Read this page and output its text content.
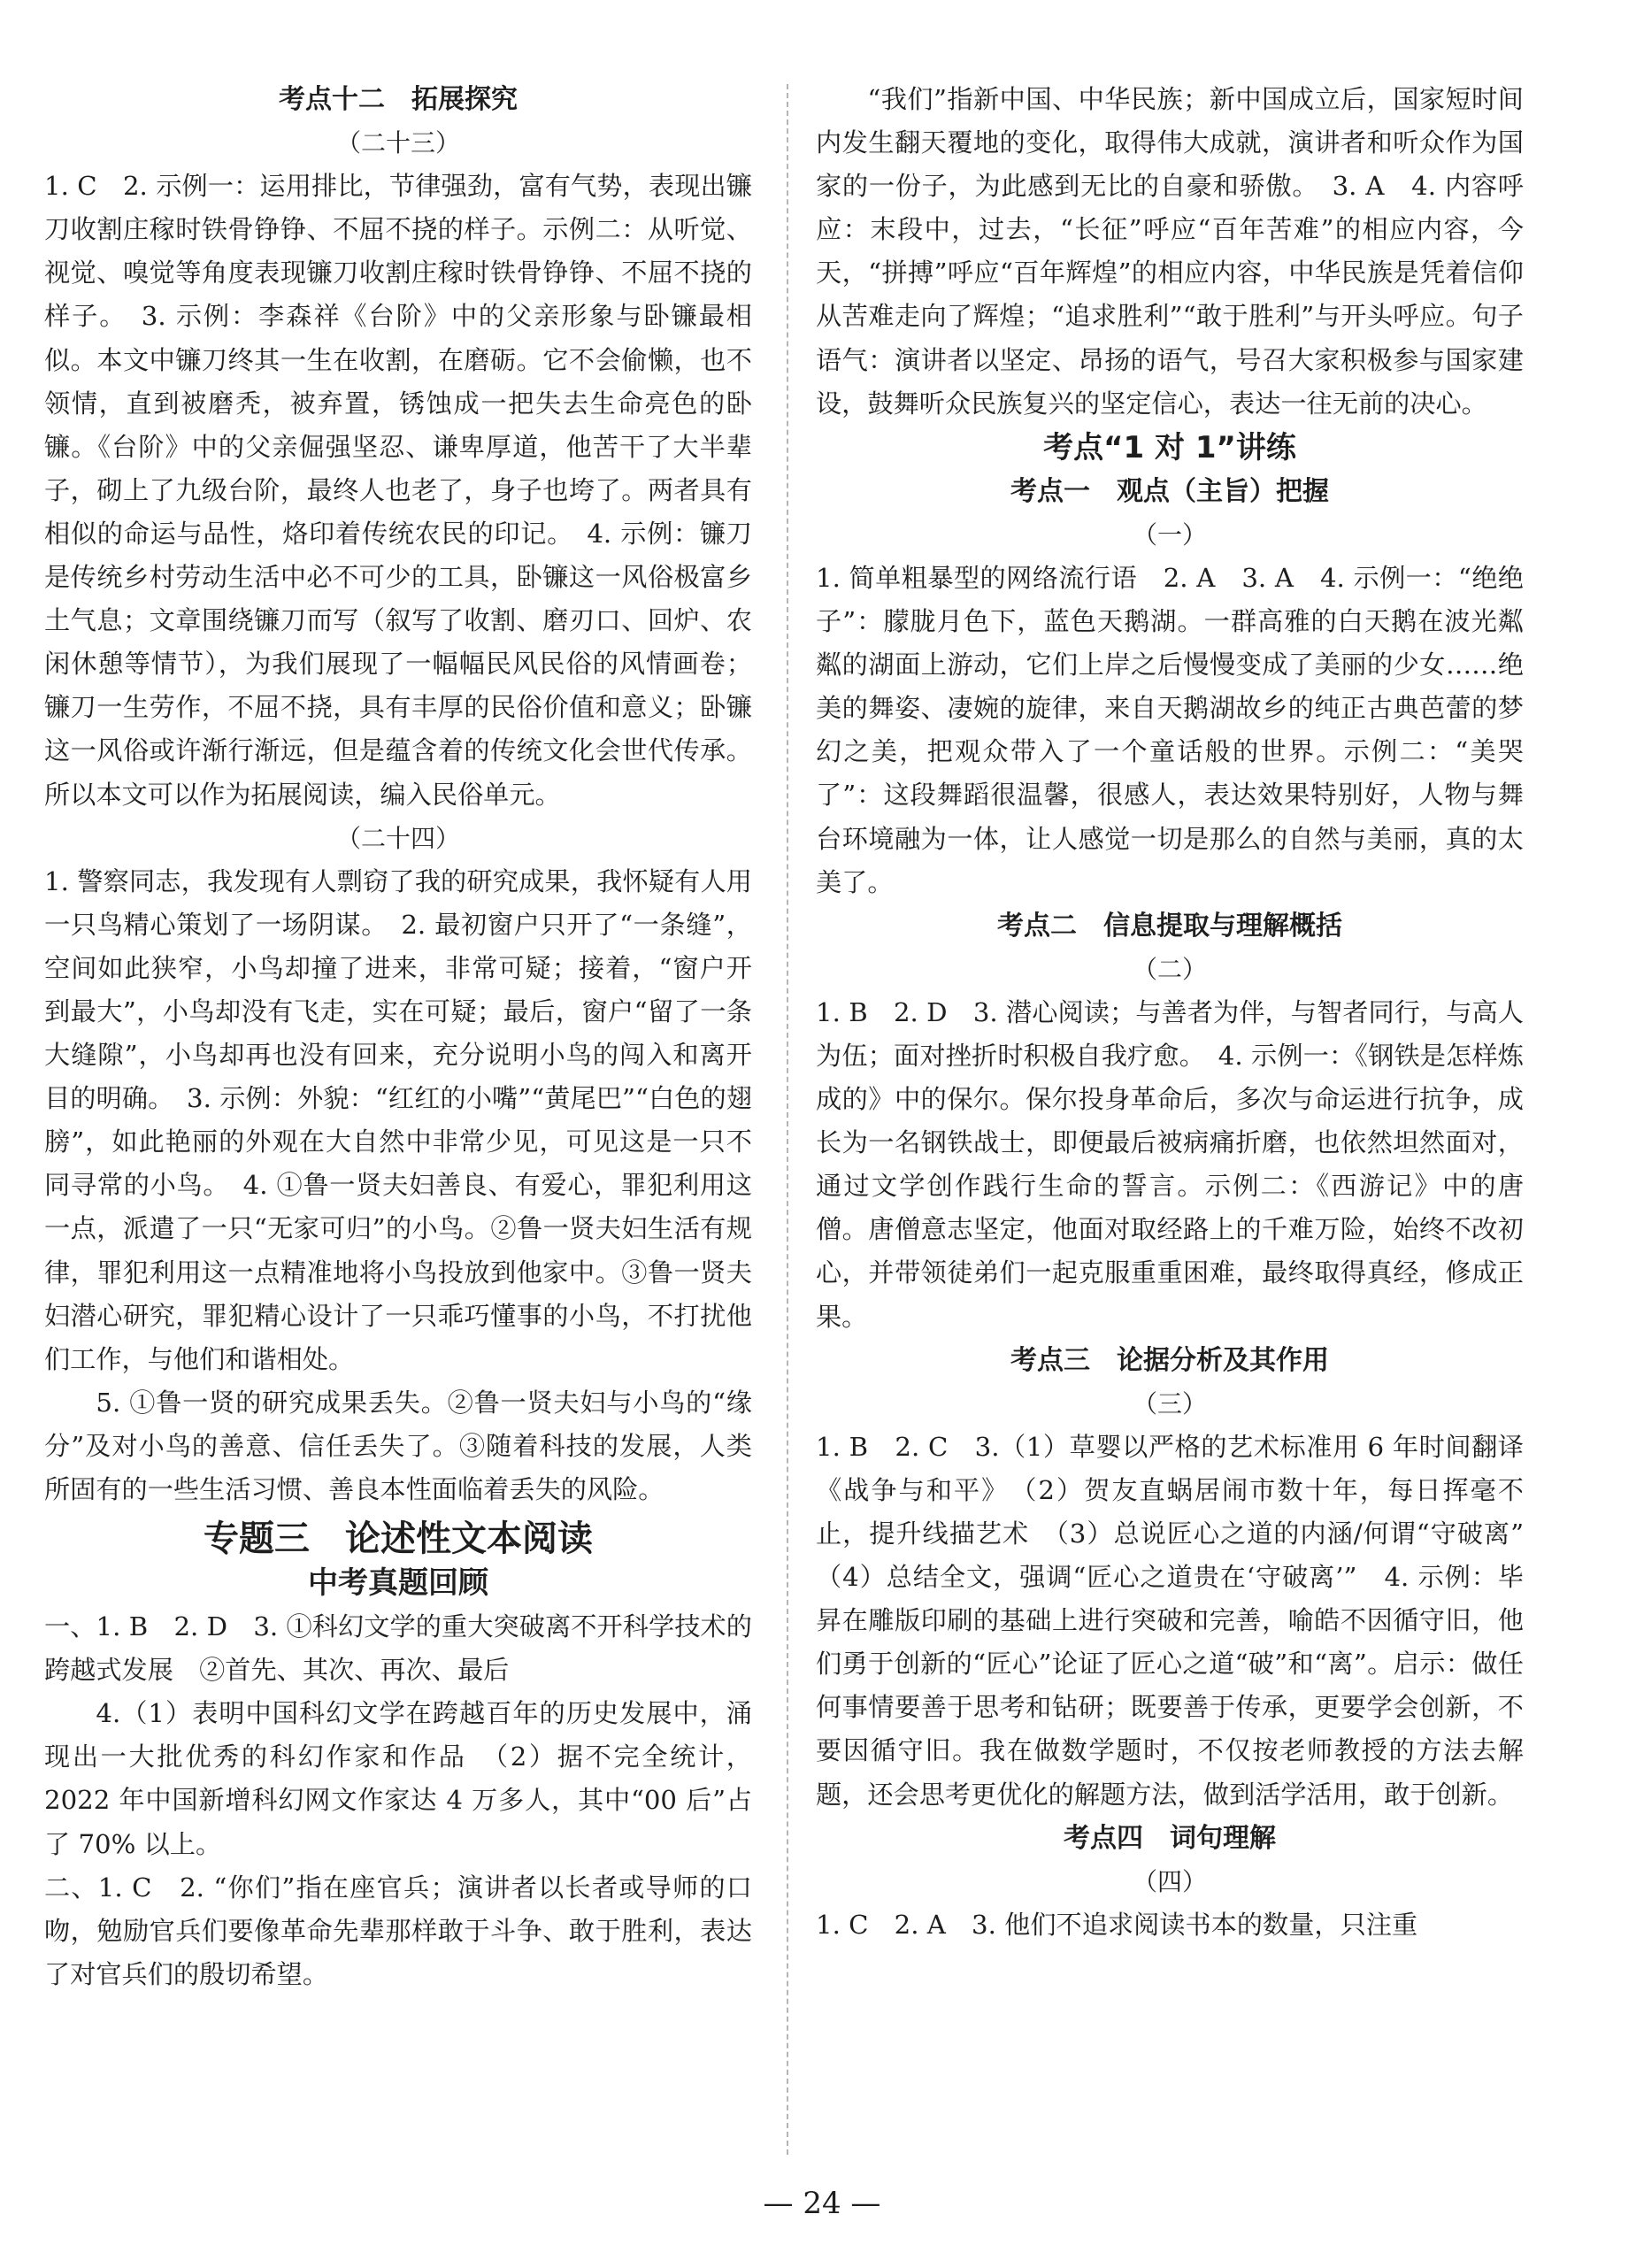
考点十二　拓展探究

（二十三）

1. C　2. 示例一：运用排比，节律强劲，富有气势，表现出镰刀收割庄稼时铁骨铮铮、不屈不挠的样子。示例二：从听觉、视觉、嗅觉等角度表现镰刀收割庄稼时铁骨铮铮、不屈不挠的样子。　3. 示例：李森祥《台阶》中的父亲形象与卧镰最相似。本文中镰刀终其一生在收割，在磨砺。它不会偷懒，也不领情，直到被磨秃，被弃置，锈蚀成一把失去生命亮色的卧镰。《台阶》中的父亲倔强坚忍、谦卑厚道，他苦干了大半辈子，砌上了九级台阶，最终人也老了，身子也垮了。两者具有相似的命运与品性，烙印着传统农民的印记。　4. 示例：镰刀是传统乡村劳动生活中必不可少的工具，卧镰这一风俗极富乡土气息；文章围绕镰刀而写（叙写了收割、磨刃口、回炉、农闲休憩等情节），为我们展现了一幅幅民风民俗的风情画卷；镰刀一生劳作，不屈不挠，具有丰厚的民俗价值和意义；卧镰这一风俗或许渐行渐远，但是蕴含着的传统文化会世代传承。所以本文可以作为拓展阅读，编入民俗单元。

（二十四）

1. 警察同志，我发现有人剽窃了我的研究成果，我怀疑有人用一只鸟精心策划了一场阴谋。　2. 最初窗户只开了“一条缝”，空间如此狭窄，小鸟却撞了进来，非常可疑；接着，“窗户开到最大”，小鸟却没有飞走，实在可疑；最后，窗户“留了一条大缝隙”，小鸟却再也没有回来，充分说明小鸟的闯入和离开目的明确。　3. 示例：外貌：“红红的小嘴”“黄尾巴”“白色的翅膀”，如此艳丽的外观在大自然中非常少见，可见这是一只不同寻常的小鸟。　4. ①鲁一贤夫妇善良、有爱心，罪犯利用这一点，派遣了一只“无家可归”的小鸟。②鲁一贤夫妇生活有规律，罪犯利用这一点精准地将小鸟投放到他家中。③鲁一贤夫妇潜心研究，罪犯精心设计了一只乖巧懂事的小鸟，不打扰他们工作，与他们和谐相处。

5. ①鲁一贤的研究成果丢失。②鲁一贤夫妇与小鸟的“缘分”及对小鸟的善意、信任丢失了。③随着科技的发展，人类所固有的一些生活习惯、善良本性面临着丢失的风险。

专题三　论述性文本阅读

中考真题回顾

一、1. B　2. D　3. ①科幻文学的重大突破离不开科学技术的跨越式发展　②首先、其次、再次、最后

4.（1）表明中国科幻文学在跨越百年的历史发展中，涌现出一大批优秀的科幻作家和作品　（2）据不完全统计，2022 年中国新增科幻网文作家达 4 万多人，其中“00 后”占了 70% 以上。

二、1. C　2. “你们”指在座官兵；演讲者以长者或导师的口吻，勉励官兵们要像革命先辈那样敢于斗争、敢于胜利，表达了对官兵们的殷切希望。

“我们”指新中国、中华民族；新中国成立后，国家短时间内发生翻天覆地的变化，取得伟大成就，演讲者和听众作为国家的一份子，为此感到无比的自豪和骄傲。　3. A　4. 内容呼应：末段中，过去，“长征”呼应“百年苦难”的相应内容，今天，“拼搏”呼应“百年辉煌”的相应内容，中华民族是凭着信仰从苦难走向了辉煌；“追求胜利”“敢于胜利”与开头呼应。句子语气：演讲者以坚定、昂扬的语气，号召大家积极参与国家建设，鼓舞听众民族复兴的坚定信心，表达一往无前的决心。

考点“1 对 1”讲练

考点一　观点（主旨）把握

（一）

1. 简单粗暴型的网络流行语　2. A　3. A　4. 示例一：“绝绝子”：朦胧月色下，蓝色天鹅湖。一群高雅的白天鹅在波光粼粼的湖面上游动，它们上岸之后慢慢变成了美丽的少女……绝美的舞姿、凄婉的旋律，来自天鹅湖故乡的纯正古典芭蕾的梦幻之美，把观众带入了一个童话般的世界。示例二：“美哭了”：这段舞蹈很温馨，很感人，表达效果特别好，人物与舞台环境融为一体，让人感觉一切是那么的自然与美丽，真的太美了。

考点二　信息提取与理解概括

（二）

1. B　2. D　3. 潜心阅读；与善者为伴，与智者同行，与高人为伍；面对挫折时积极自我疗愈。　4. 示例一：《钢铁是怎样炼成的》中的保尔。保尔投身革命后，多次与命运进行抗争，成长为一名钢铁战士，即便最后被病痛折磨，也依然坦然面对，通过文学创作践行生命的誓言。示例二：《西游记》中的唐僧。唐僧意志坚定，他面对取经路上的千难万险，始终不改初心，并带领徒弟们一起克服重重困难，最终取得真经，修成正果。

考点三　论据分析及其作用

（三）

1. B　2. C　3.（1）草婴以严格的艺术标准用 6 年时间翻译《战争与和平》　（2）贺友直蜗居闹市数十年，每日挥毫不止，提升线描艺术　（3）总说匠心之道的内涵/何谓“守破离”　（4）总结全文，强调“匠心之道贵在‘守破离’”　4. 示例：毕昇在雕版印刷的基础上进行突破和完善，喻皓不因循守旧，他们勇于创新的“匠心”论证了匠心之道“破”和“离”。启示：做任何事情要善于思考和钻研；既要善于传承，更要学会创新，不要因循守旧。我在做数学题时，不仅按老师教授的方法去解题，还会思考更优化的解题方法，做到活学活用，敢于创新。

考点四　词句理解

（四）

1. C　2. A　3. 他们不追求阅读书本的数量，只注重

— 24 —
